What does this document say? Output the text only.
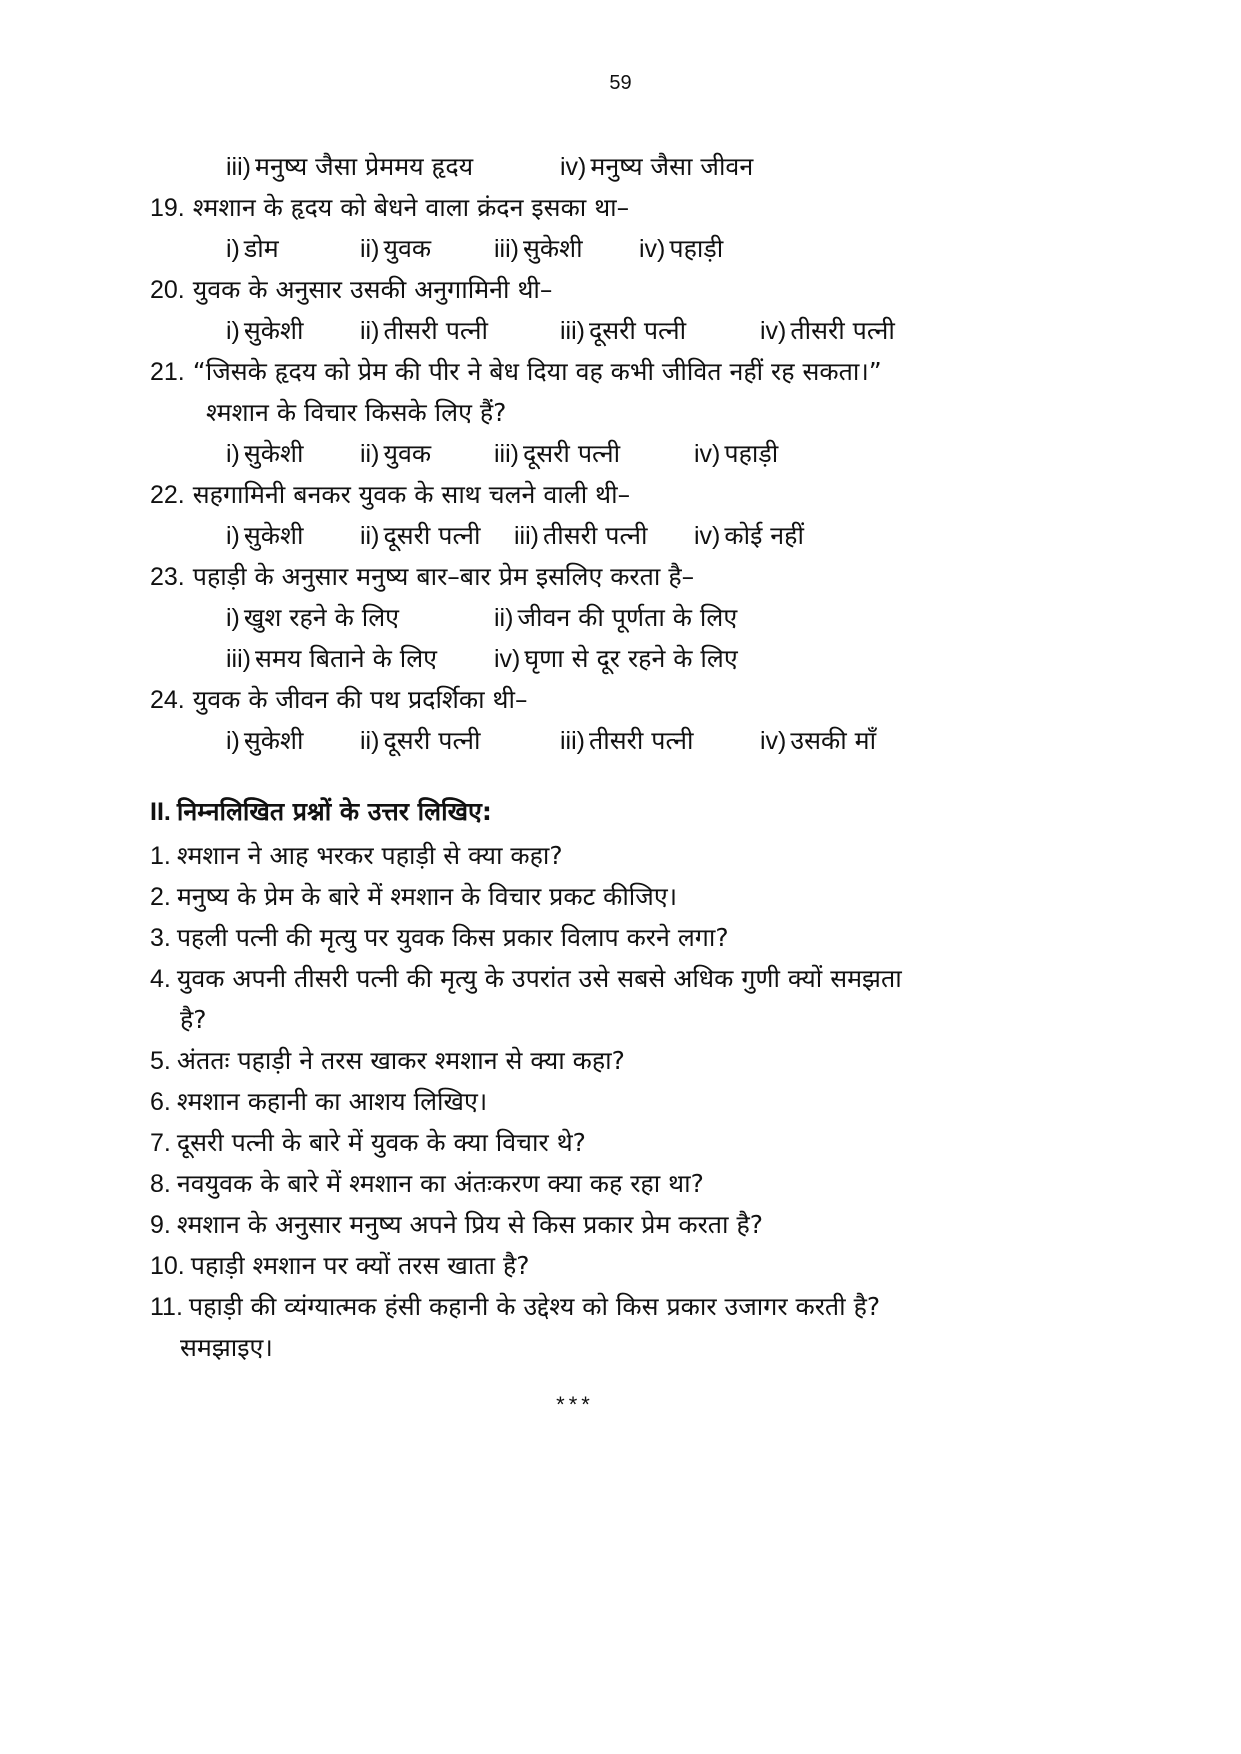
59
iii) मनुष्य जैसा प्रेममय हृदय	iv) मनुष्य जैसा जीवन
19. श्मशान के हृदय को बेधने वाला क्रंदन इसका था–
i) डोम	ii) युवक	iii) सुकेशी iv) पहाड़ी
20. युवक के अनुसार उसकी अनुगामिनी थी–
i) सुकेशी ii) तीसरी पत्नी	iii) दूसरी पत्नी	iv) तीसरी पत्नी
21. “जिसके हृदय को प्रेम की पीर ने बेध दिया वह कभी जीवित नहीं रह सकता।”
श्मशान के विचार किसके लिए हैं?
i) सुकेशी ii) युवक	iii) दूसरी पत्नी	iv) पहाड़ी
22. सहगामिनी बनकर युवक के साथ चलने वाली थी–
i) सुकेशी ii) दूसरी पत्नी iii) तीसरी पत्नी iv) कोई नहीं
23. पहाड़ी के अनुसार मनुष्य बार–बार प्रेम इसलिए करता है–
i) खुश रहने के लिए	ii) जीवन की पूर्णता के लिए
iii) समय बिताने के लिए iv) घृणा से दूर रहने के लिए
24. युवक के जीवन की पथ प्रदर्शिका थी–
i) सुकेशी ii) दूसरी पत्नी	iii) तीसरी पत्नी	iv) उसकी माँ
II. निम्नलिखित प्रश्नों के उत्तर लिखिए:
1. श्मशान ने आह भरकर पहाड़ी से क्या कहा?
2. मनुष्य के प्रेम के बारे में श्मशान के विचार प्रकट कीजिए।
3. पहली पत्नी की मृत्यु पर युवक किस प्रकार विलाप करने लगा?
4. युवक अपनी तीसरी पत्नी की मृत्यु के उपरांत उसे सबसे अधिक गुणी क्यों समझता
है?
5. अंततः पहाड़ी ने तरस खाकर श्मशान से क्या कहा?
6. श्मशान कहानी का आशय लिखिए।
7. दूसरी पत्नी के बारे में युवक के क्या विचार थे?
8. नवयुवक के बारे में श्मशान का अंतःकरण क्या कह रहा था?
9. श्मशान के अनुसार मनुष्य अपने प्रिय से किस प्रकार प्रेम करता है?
10. पहाड़ी श्मशान पर क्यों तरस खाता है?
11. पहाड़ी की व्यंग्यात्मक हंसी कहानी के उद्देश्य को किस प्रकार उजागर करती है?
समझाइए।
***
